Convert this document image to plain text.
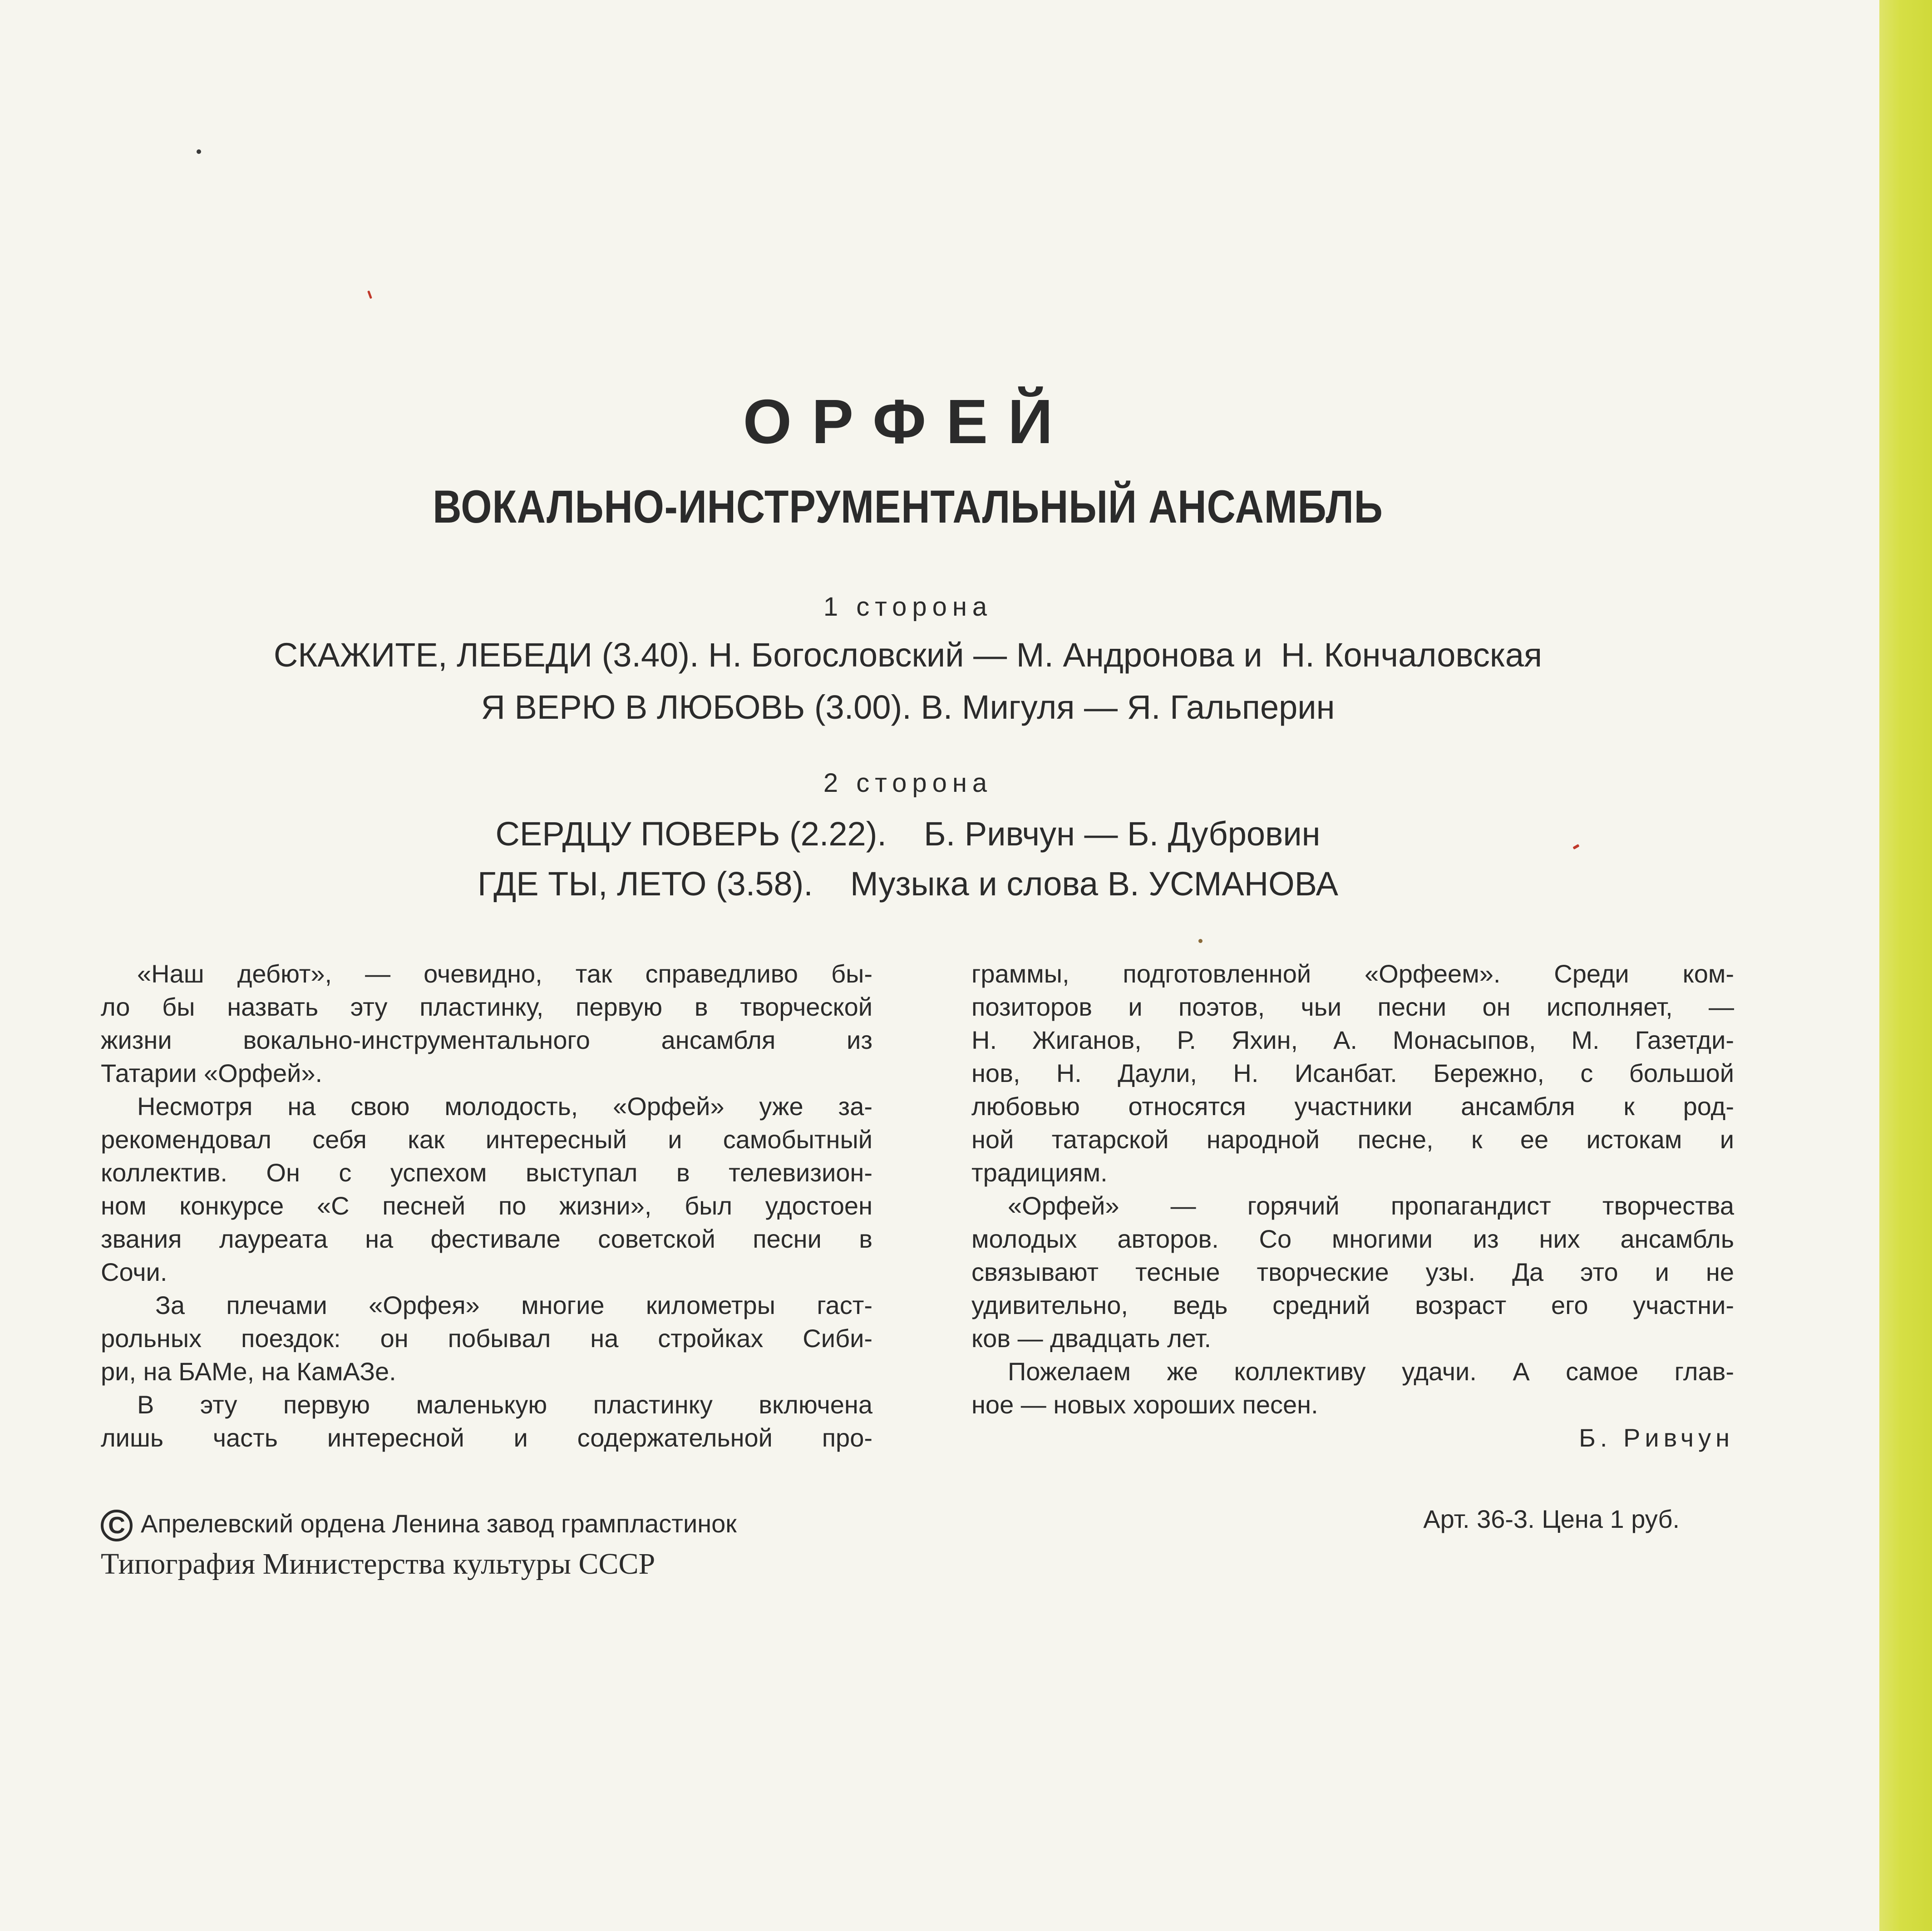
ОРФЕЙ
ВОКАЛЬНО-ИНСТРУМЕНТАЛЬНЫЙ АНСАМБЛЬ
1 сторона
СКАЖИТЕ, ЛЕБЕДИ (3.40). Н. Богословский — М. Андронова и  Н. Кончаловская
Я ВЕРЮ В ЛЮБОВЬ (3.00). В. Мигуля — Я. Гальперин
2 сторона
СЕРДЦУ ПОВЕРЬ (2.22).    Б. Ривчун — Б. Дубровин
ГДЕ ТЫ, ЛЕТО (3.58).    Музыка и слова В. УСМАНОВА

«Наш дебют», — очевидно, так справедливо бы-

ло бы назвать эту пластинку, первую в творческой

жизни вокально-инструментального ансамбля из

Татарии «Орфей».

Несмотря на свою молодость, «Орфей» уже за-

рекомендовал себя как интересный и самобытный

коллектив. Он с успехом выступал в телевизион-

ном конкурсе «С песней по жизни», был удостоен

звания лауреата на фестивале советской песни в

Сочи.

За плечами «Орфея» многие километры гаст-

рольных поездок: он побывал на стройках Сиби-

ри, на БАМе, на КамАЗе.

В эту первую маленькую пластинку включена

лишь часть интересной и содержательной про-

граммы, подготовленной «Орфеем». Среди ком-

позиторов и поэтов, чьи песни он исполняет, —

Н. Жиганов, Р. Яхин, А. Монасыпов, М. Газетди-

нов, Н. Даули, Н. Исанбат. Бережно, с большой

любовью относятся участники ансамбля к род-

ной татарской народной песне, к ее истокам и

традициям.

«Орфей» — горячий пропагандист творчества

молодых авторов. Со многими из них ансамбль

связывают тесные творческие узы. Да это и не

удивительно, ведь средний возраст его участни-

ков — двадцать лет.

Пожелаем же коллективу удачи. А самое глав-

ное — новых хороших песен.

Б. Ривчун

C Апрелевский ордена Ленина завод грампластинок
Типография Министерства культуры СССР
Арт. 36-3. Цена 1 руб.
